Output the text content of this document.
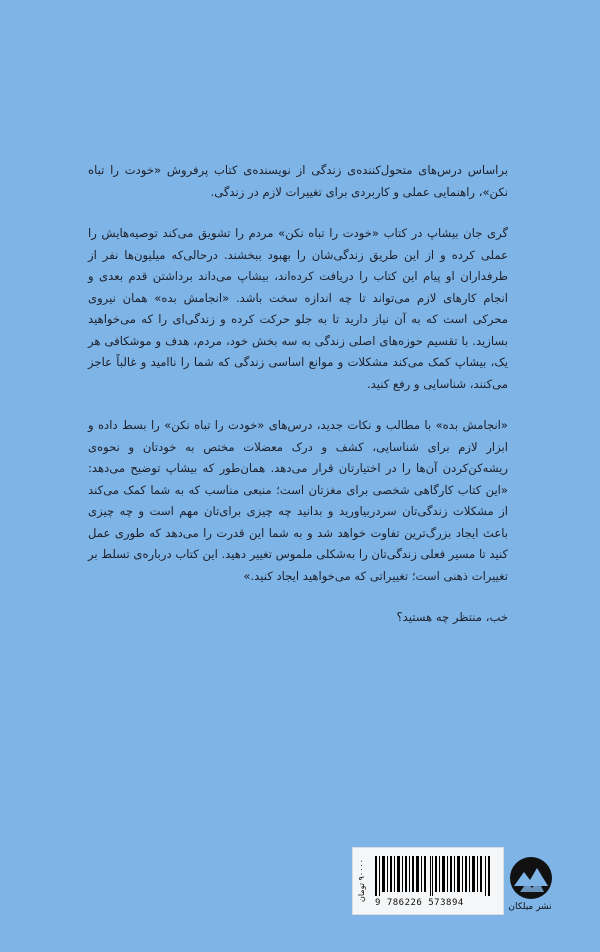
براساس درس‌های متحول‌کننده‌ی زندگی از نویسنده‌ی کتاب پرفروش «خودت را تباه نکن»، راهنمایی عملی و کاربردی برای تغییرات لازم در زندگی.

گری جان بیشاپ در کتاب «خودت را تباه نکن» مردم را تشویق می‌کند توصیه‌هایش را عملی کرده و از این طریق زندگی‌شان را بهبود ببخشند. درحالی‌که میلیون‌ها نفر از طرفداران او پیام این کتاب را دریافت کرده‌اند، بیشاپ می‌داند برداشتن قدم بعدی و انجام کارهای لازم می‌تواند تا چه اندازه سخت باشد. «انجامش بده» همان نیروی محرکی است که به آن نیاز دارید تا به جلو حرکت کرده و زندگی‌ای را که می‌خواهید بسازید. با تقسیم حوزه‌های اصلی زندگی به سه بخش خود، مردم، هدف و موشکافی هر یک، بیشاپ کمک می‌کند مشکلات و موانع اساسی زندگی که شما را ناامید و غالباً عاجز می‌کنند، شناسایی و رفع کنید.

«انجامش بده» با مطالب و نکات جدید، درس‌های «خودت را تباه نکن» را بسط داده و ابزار لازم برای شناسایی، کشف و درک معضلات مختص به خودتان و نحوه‌ی ریشه‌کن‌کردن آن‌ها را در اختیارتان قرار می‌دهد. همان‌طور که بیشاپ توضیح می‌دهد: «این کتاب کارگاهی شخصی برای مغزتان است؛ منبعی مناسب که به شما کمک می‌کند از مشکلات زندگی‌تان سردربیاورید و بدانید چه چیزی برای‌تان مهم است و چه چیزی باعث ایجاد بزرگ‌ترین تفاوت خواهد شد و به شما این قدرت را می‌دهد که طوری عمل کنید تا مسیر فعلی زندگی‌تان را به‌شکلی ملموس تغییر دهید. این کتاب درباره‌ی تسلط بر تغییرات ذهنی است؛ تغییراتی که می‌خواهید ایجاد کنید.»

خب، منتظر چه هستید؟

۹۰۰۰۰ تومان
9 786226 573894	نشر میلکان
